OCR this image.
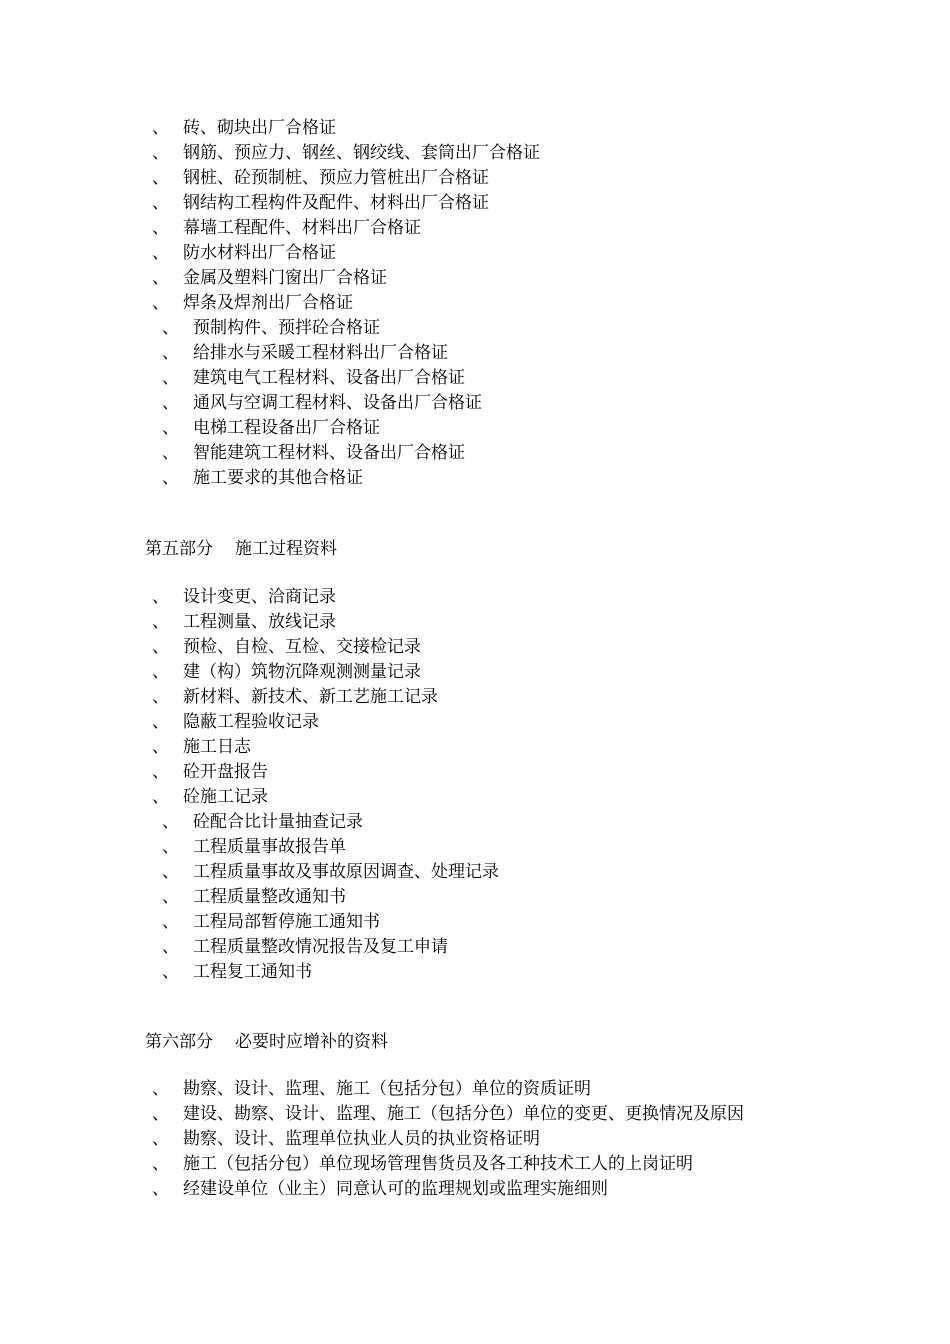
、 砖、砌块出厂合格证
、 钢筋、预应力、钢丝、钢绞线、套筒出厂合格证
、 钢桩、砼预制桩、预应力管桩出厂合格证
、 钢结构工程构件及配件、材料出厂合格证
、 幕墙工程配件、材料出厂合格证
、 防水材料出厂合格证
、 金属及塑料门窗出厂合格证
、 焊条及焊剂出厂合格证
、 预制构件、预拌砼合格证
、 给排水与采暖工程材料出厂合格证
、 建筑电气工程材料、设备出厂合格证
、 通风与空调工程材料、设备出厂合格证
、 电梯工程设备出厂合格证
、 智能建筑工程材料、设备出厂合格证
、 施工要求的其他合格证
第五部分 施工过程资料
、 设计变更、洽商记录
、 工程测量、放线记录
、 预检、自检、互检、交接检记录
、 建（构）筑物沉降观测测量记录
、 新材料、新技术、新工艺施工记录
、 隐蔽工程验收记录
、 施工日志
、 砼开盘报告
、 砼施工记录
、 砼配合比计量抽查记录
、 工程质量事故报告单
、 工程质量事故及事故原因调查、处理记录
、 工程质量整改通知书
、 工程局部暂停施工通知书
、 工程质量整改情况报告及复工申请
、 工程复工通知书
第六部分 必要时应增补的资料
、 勘察、设计、监理、施工（包括分包）单位的资质证明
、 建设、勘察、设计、监理、施工（包括分色）单位的变更、更换情况及原因
、 勘察、设计、监理单位执业人员的执业资格证明
、 施工（包括分包）单位现场管理售货员及各工种技术工人的上岗证明
、 经建设单位（业主）同意认可的监理规划或监理实施细则
